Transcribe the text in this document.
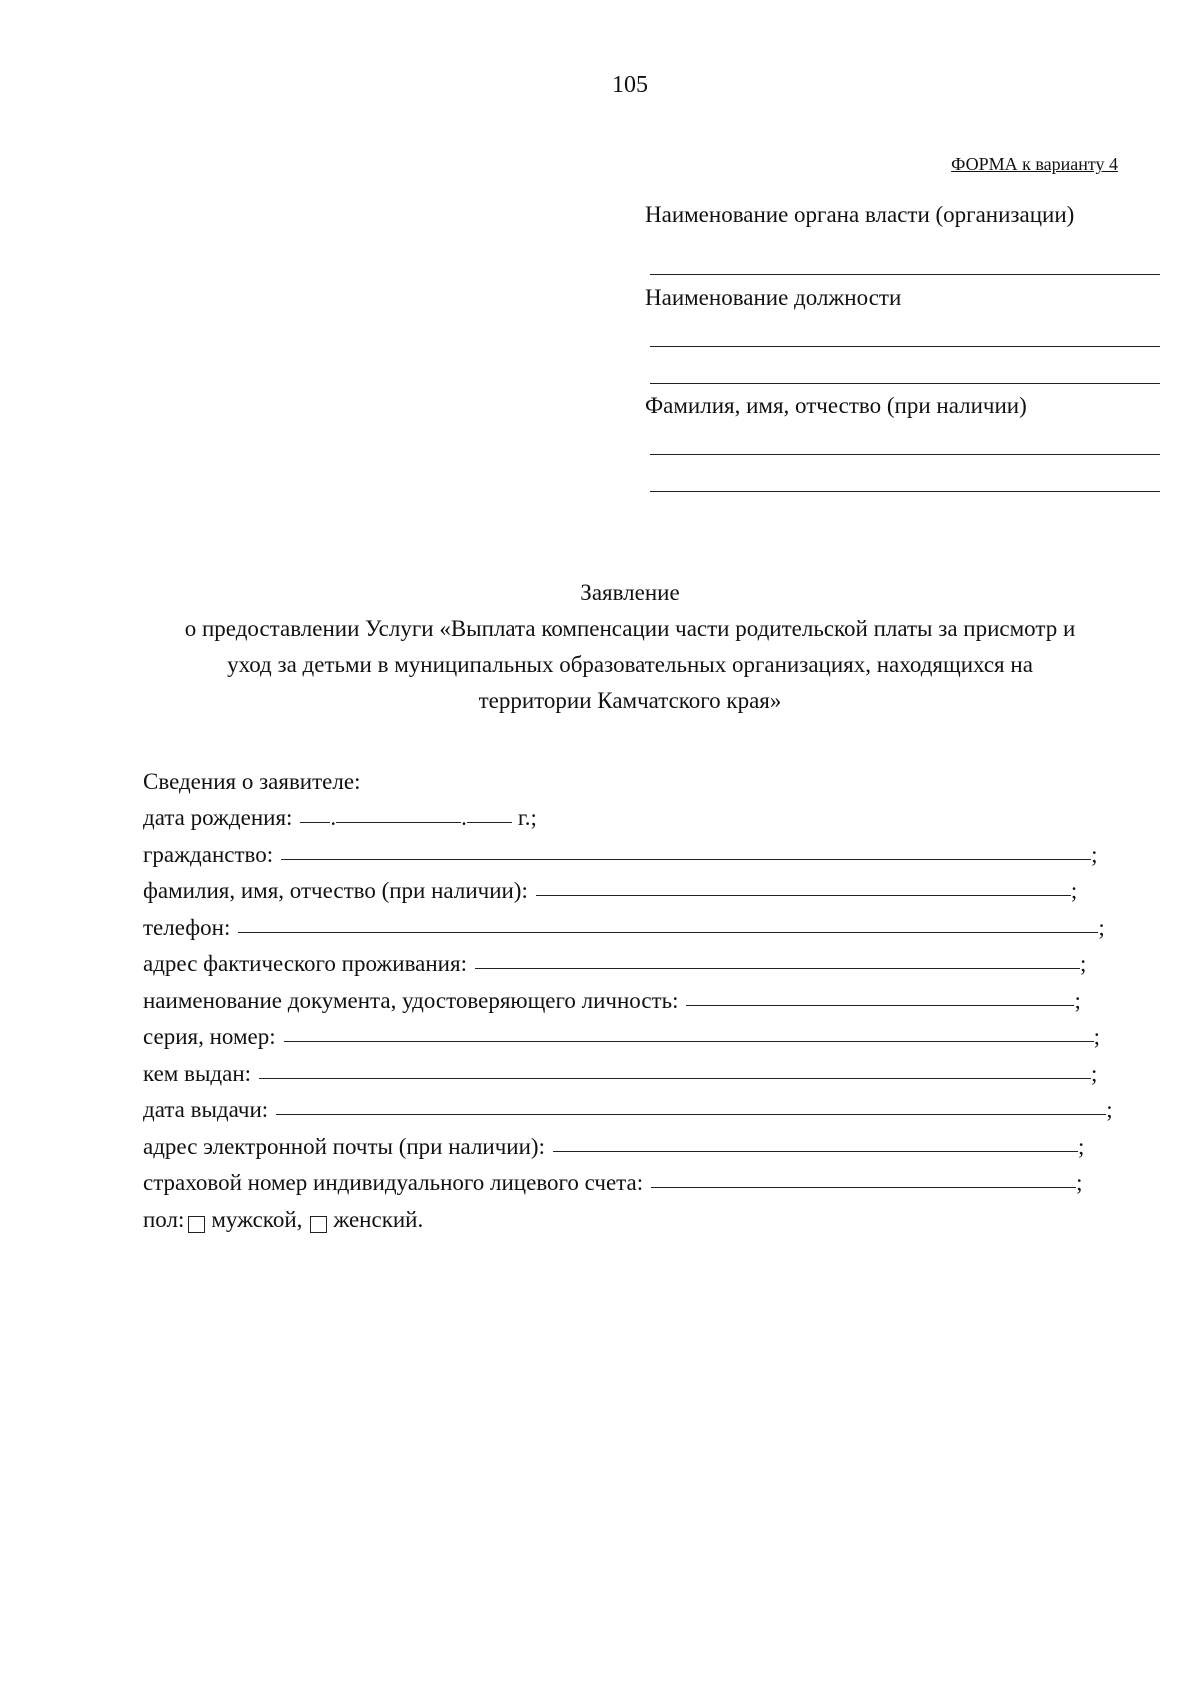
105
ФОРМА к варианту 4
Наименование органа власти (организации)
Наименование должности
Фамилия, имя, отчество (при наличии)
Заявление
о предоставлении Услуги «Выплата компенсации части родительской платы за присмотр и
уход за детьми в муниципальных образовательных организациях, находящихся на
территории Камчатского края»
Сведения о заявителе:
дата рождения: .	. г.;
гражданство:	;
фамилия, имя, отчество (при наличии):	;
телефон:	;
адрес фактического проживания:	;
наименование документа, удостоверяющего личность:	;
серия, номер:	;
кем выдан:	;
дата выдачи:	;
адрес электронной почты (при наличии):	;
страховой номер индивидуального лицевого счета:	;
пол: мужской, женский.
